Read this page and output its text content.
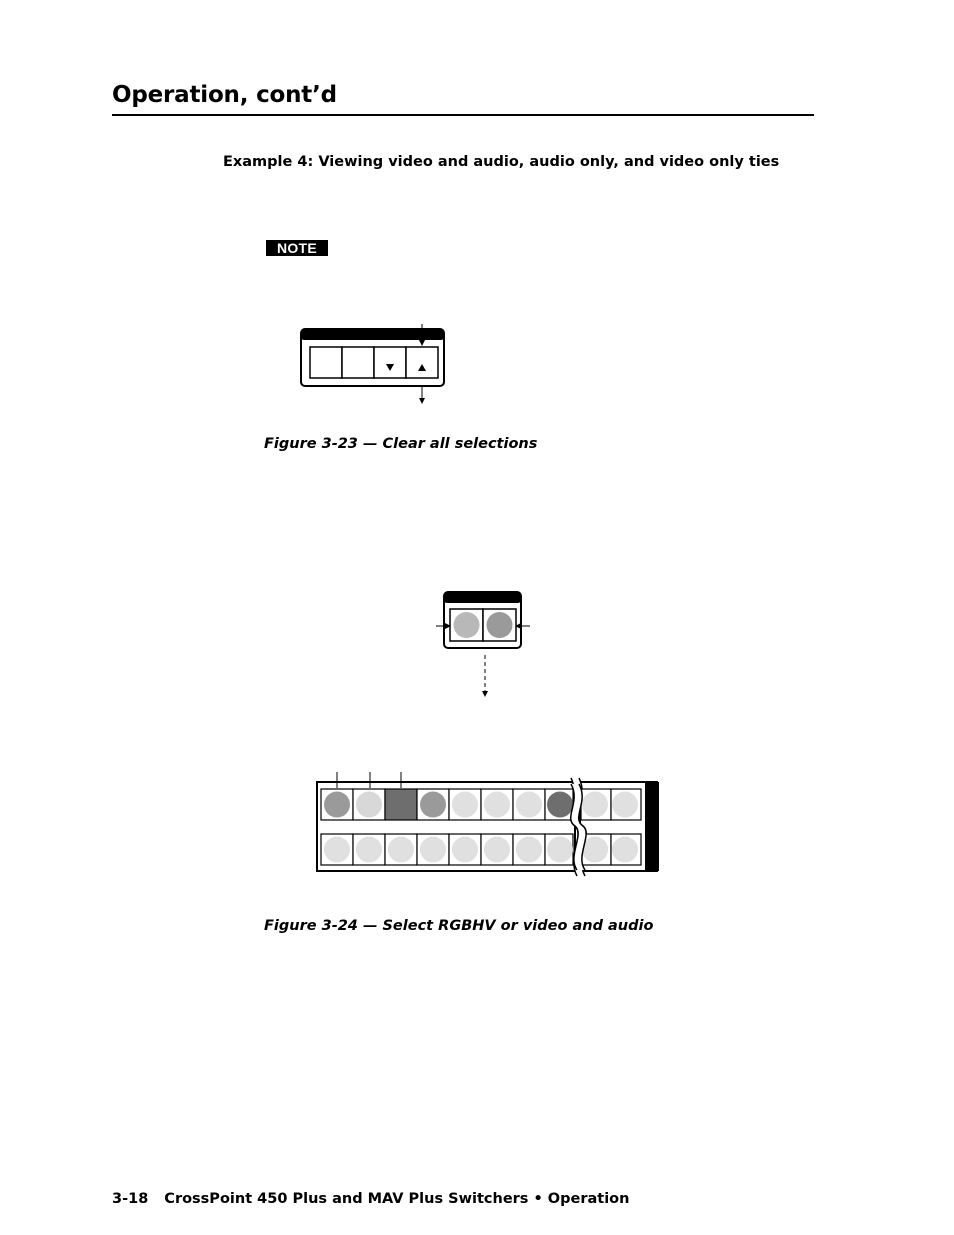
Operation, cont’d
Example 4: Viewing video and audio, audio only, and video only ties
NOTE

Figure 3-23 — Clear all selections

Figure 3-24 — Select RGBHV or video and audio

3-18 CrossPoint 450 Plus and MAV Plus Switchers • Operation
